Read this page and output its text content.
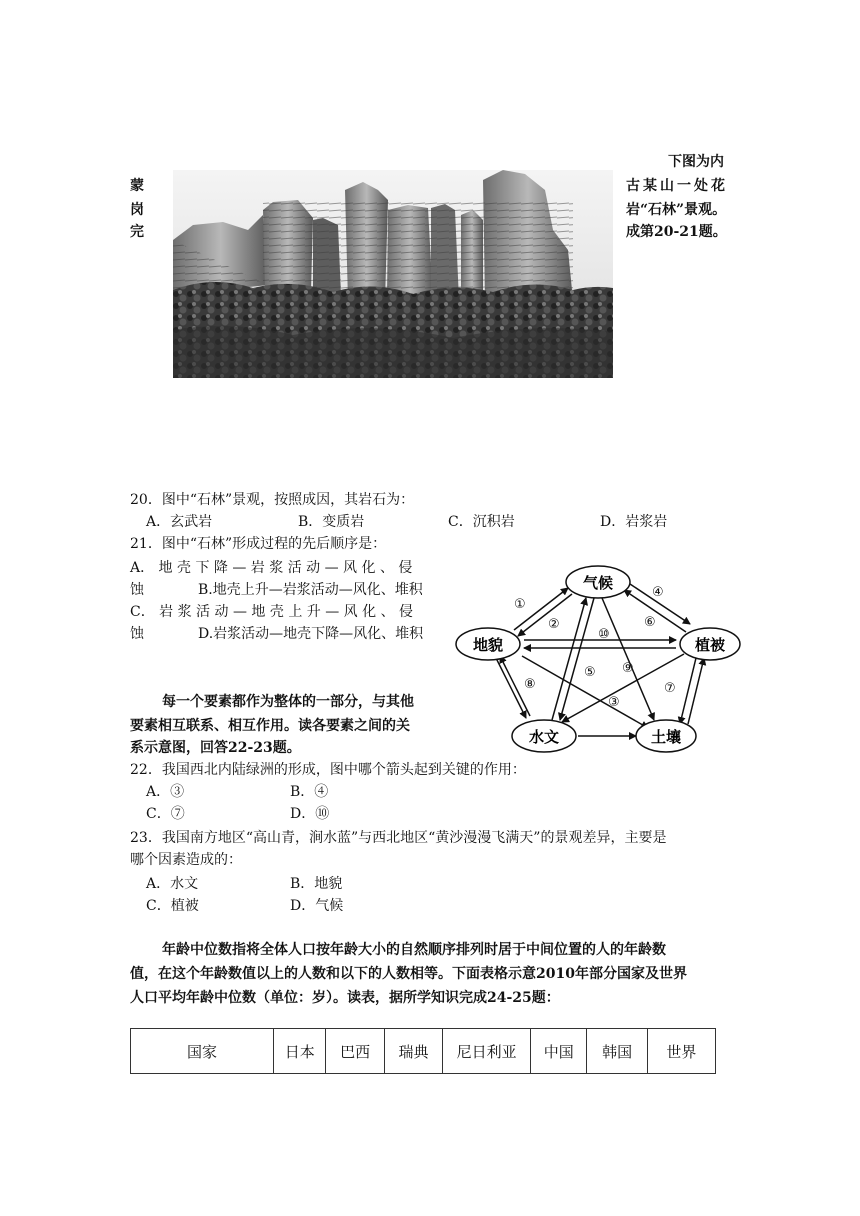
下图为内
蒙	古某山一处花
岗	岩“石林”景观。
完	成第20-21题。
20．图中“石林”景观，按照成因，其岩石为：
A．玄武岩	B．变质岩	C．沉积岩	D．岩浆岩
21．图中“石林”形成过程的先后顺序是：
A． 地 壳 下 降 — 岩 浆 活 动 — 风 化 、 侵
蚀	B.地壳上升—岩浆活动—风化、堆积
C． 岩 浆 活 动 — 地 壳 上 升 — 风 化 、 侵
蚀	D.岩浆活动—地壳下降—风化、堆积
每一个要素都作为整体的一部分，与其他
要素相互联系、相互作用。读各要素之间的关
系示意图，回答22-23题。
气候
地貌	植被
水文	土壤
①
②
③
④
⑤
⑥
⑦
⑧
⑨
⑩
22．我国西北内陆绿洲的形成，图中哪个箭头起到关键的作用：
A．③	B．④
C．⑦	D．⑩
23．我国南方地区“高山青，涧水蓝”与西北地区“黄沙漫漫飞满天”的景观差异，主要是
哪个因素造成的：
A．水文	B．地貌
C．植被	D．气候
年龄中位数指将全体人口按年龄大小的自然顺序排列时居于中间位置的人的年龄数
值，在这个年龄数值以上的人数和以下的人数相等。下面表格示意2010年部分国家及世界
人口平均年龄中位数（单位：岁）。读表，据所学知识完成24-25题：
国家	日本	巴西	瑞典	尼日利亚	中国	韩国	世界
